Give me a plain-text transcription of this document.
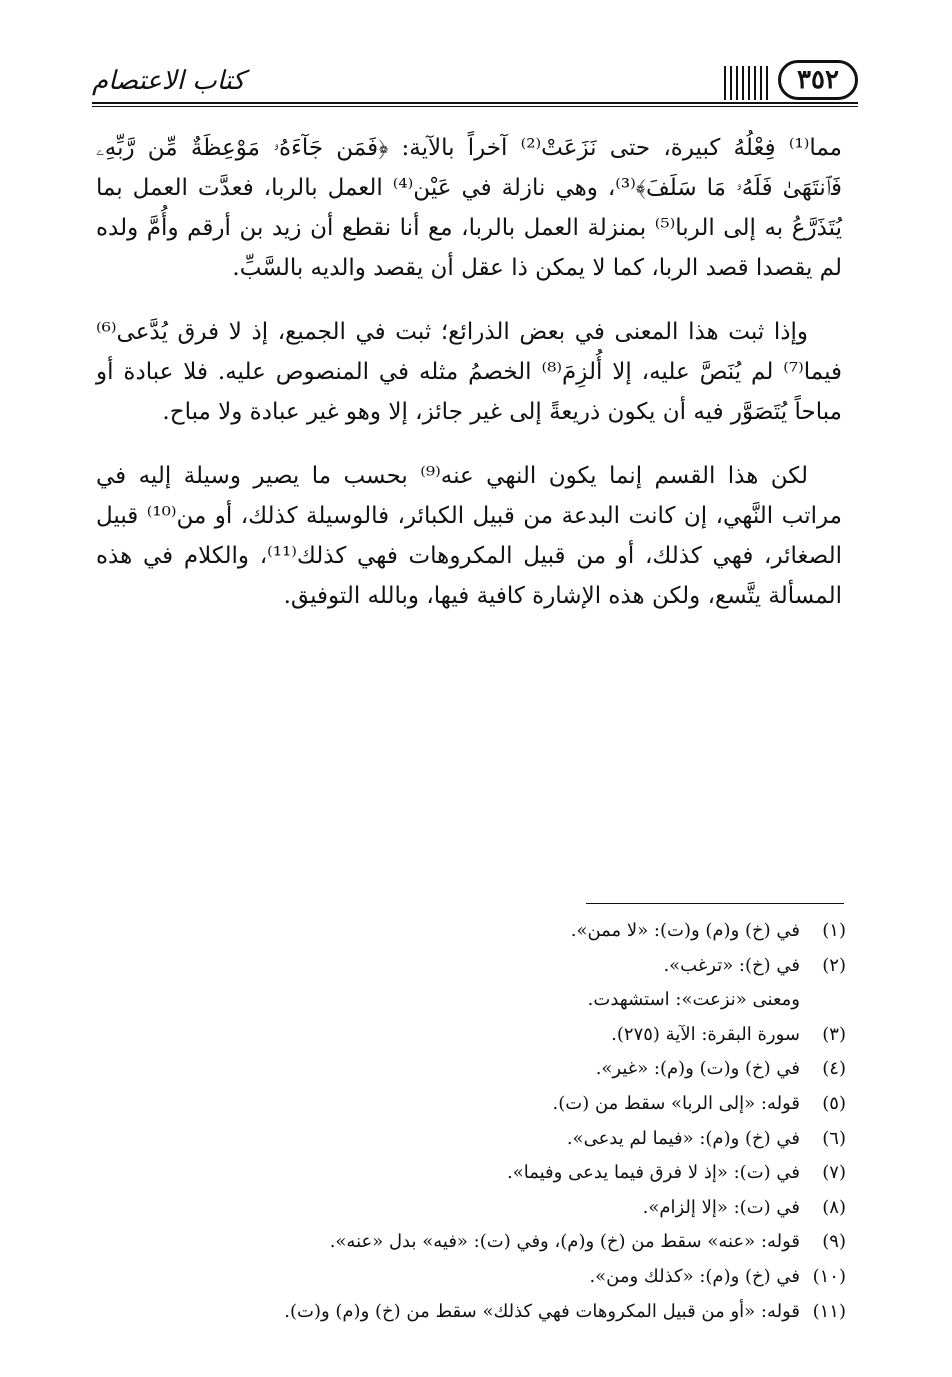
كتاب الاعتصام	٣٥٢

مما⁽¹⁾ فِعْلُهُ كبيرة، حتى نَزَعَتْ⁽²⁾ آخراً بالآية: ﴿فَمَن جَآءَهُۥ مَوْعِظَةٌ مِّن رَّبِّهِۦ فَٱنتَهَىٰ فَلَهُۥ مَا سَلَفَ﴾⁽³⁾، وهي نازلة في عَيْن⁽⁴⁾ العمل بالربا، فعدَّت العمل بما يُتَذَرَّعُ به إلى الربا⁽⁵⁾ بمنزلة العمل بالربا، مع أنا نقطع أن زيد بن أرقم وأُمَّ ولده لم يقصدا قصد الربا، كما لا يمكن ذا عقل أن يقصد والديه بالسَّبِّ.

وإذا ثبت هذا المعنى في بعض الذرائع؛ ثبت في الجميع، إذ لا فرق يُدَّعى⁽⁶⁾ فيما⁽⁷⁾ لم يُنَصَّ عليه، إلا أُلزِمَ⁽⁸⁾ الخصمُ مثله في المنصوص عليه. فلا عبادة أو مباحاً يُتَصَوَّر فيه أن يكون ذريعةً إلى غير جائز، إلا وهو غير عبادة ولا مباح.

لكن هذا القسم إنما يكون النهي عنه⁽⁹⁾ بحسب ما يصير وسيلة إليه في مراتب النَّهي، إن كانت البدعة من قبيل الكبائر، فالوسيلة كذلك، أو من⁽¹⁰⁾ قبيل الصغائر، فهي كذلك، أو من قبيل المكروهات فهي كذلك⁽¹¹⁾، والكلام في هذه المسألة يتَّسع، ولكن هذه الإشارة كافية فيها، وبالله التوفيق.

(١)في (خ) و(م) و(ت): «لا ممن».
(٢)في (خ): «ترغب».
ومعنى «نزعت»: استشهدت.
(٣)سورة البقرة: الآية (٢٧٥).
(٤)في (خ) و(ت) و(م): «غير».
(٥)قوله: «إلى الربا» سقط من (ت).
(٦)في (خ) و(م): «فيما لم يدعى».
(٧)في (ت): «إذ لا فرق فيما يدعى وفيما».
(٨)في (ت): «إلا إلزام».
(٩)قوله: «عنه» سقط من (خ) و(م)، وفي (ت): «فيه» بدل «عنه».
(١٠)في (خ) و(م): «كذلك ومن».
(١١)قوله: «أو من قبيل المكروهات فهي كذلك» سقط من (خ) و(م) و(ت).
